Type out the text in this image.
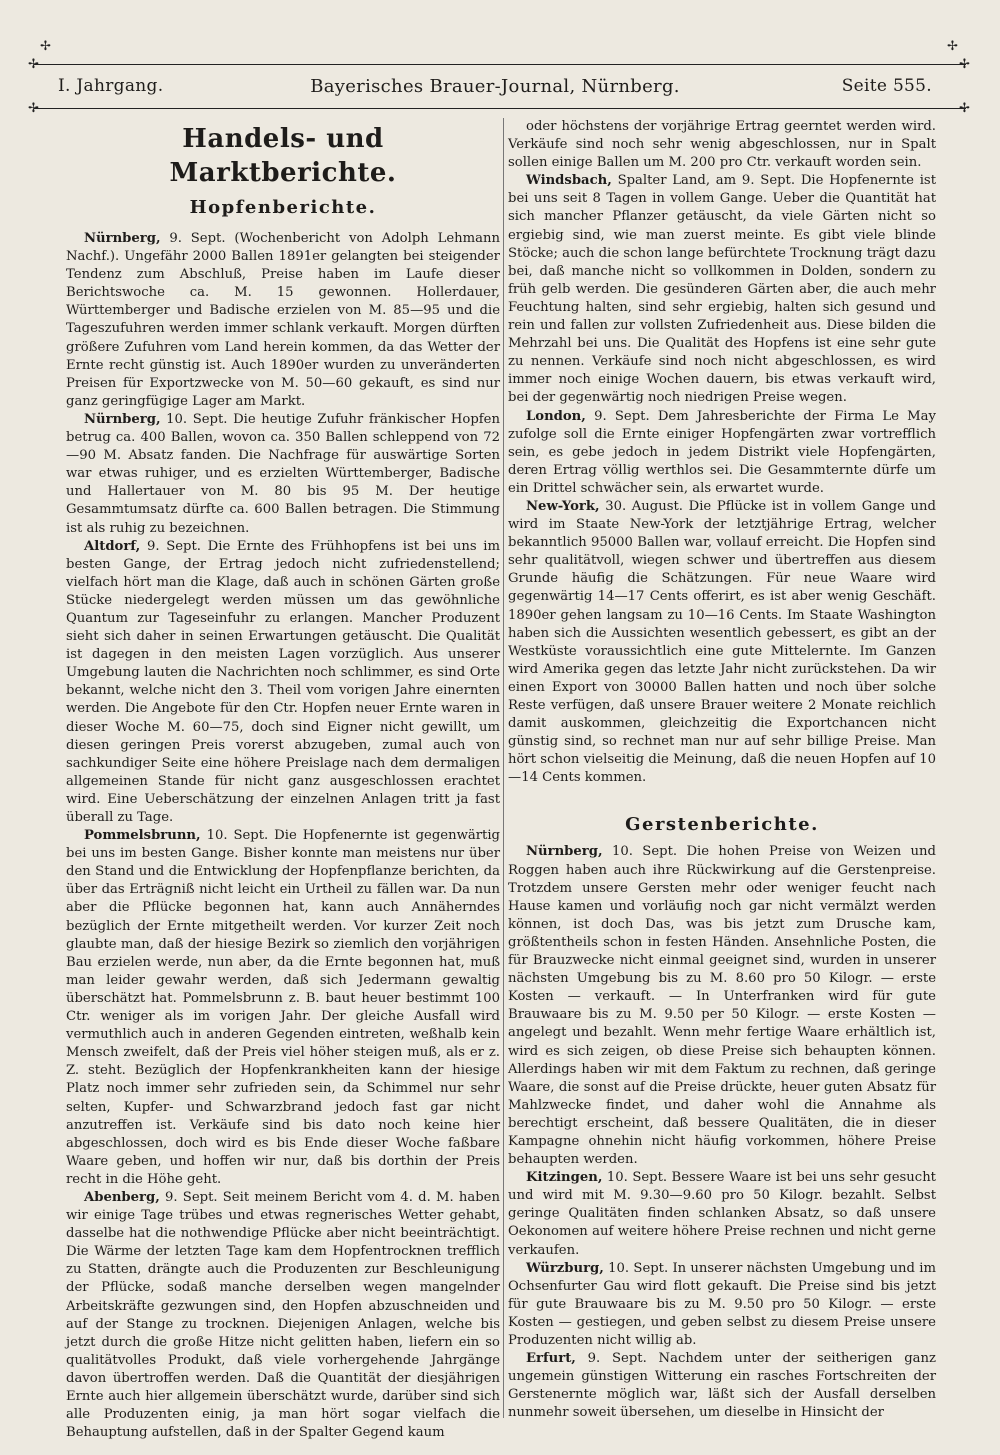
✢	✢
✢	✢
✢	✢
I. Jahrgang.	Bayerisches Brauer-Journal, Nürnberg.	Seite 555.
Handels- und Marktberichte.
Hopfenberichte.

Nürnberg, 9. Sept. (Wochenbericht von Adolph Lehmann Nachf.). Ungefähr 2000 Ballen 1891er gelangten bei steigender Tendenz zum Abschluß, Preise haben im Laufe dieser Berichtswoche ca. M. 15 gewonnen. Hollerdauer, Württemberger und Badische erzielen von M. 85—95 und die Tageszufuhren werden immer schlank verkauft. Morgen dürften größere Zufuhren vom Land herein kommen, da das Wetter der Ernte recht günstig ist. Auch 1890er wurden zu unveränderten Preisen für Exportzwecke von M. 50—60 gekauft, es sind nur ganz geringfügige Lager am Markt.

Nürnberg, 10. Sept. Die heutige Zufuhr fränkischer Hopfen betrug ca. 400 Ballen, wovon ca. 350 Ballen schleppend von 72—90 M. Absatz fanden. Die Nachfrage für auswärtige Sorten war etwas ruhiger, und es erzielten Württemberger, Badische und Hallertauer von M. 80 bis 95 M. Der heutige Gesammtumsatz dürfte ca. 600 Ballen betragen. Die Stimmung ist als ruhig zu bezeichnen.

Altdorf, 9. Sept. Die Ernte des Frühhopfens ist bei uns im besten Gange, der Ertrag jedoch nicht zufriedenstellend; vielfach hört man die Klage, daß auch in schönen Gärten große Stücke niedergelegt werden müssen um das gewöhnliche Quantum zur Tageseinfuhr zu erlangen. Mancher Produzent sieht sich daher in seinen Erwartungen getäuscht. Die Qualität ist dagegen in den meisten Lagen vorzüglich. Aus unserer Umgebung lauten die Nachrichten noch schlimmer, es sind Orte bekannt, welche nicht den 3. Theil vom vorigen Jahre einernten werden. Die Angebote für den Ctr. Hopfen neuer Ernte waren in dieser Woche M. 60—75, doch sind Eigner nicht gewillt, um diesen geringen Preis vorerst abzugeben, zumal auch von sachkundiger Seite eine höhere Preislage nach dem dermaligen allgemeinen Stande für nicht ganz ausgeschlossen erachtet wird. Eine Ueberschätzung der einzelnen Anlagen tritt ja fast überall zu Tage.

Pommelsbrunn, 10. Sept. Die Hopfenernte ist gegenwärtig bei uns im besten Gange. Bisher konnte man meistens nur über den Stand und die Entwicklung der Hopfenpflanze berichten, da über das Erträgniß nicht leicht ein Urtheil zu fällen war. Da nun aber die Pflücke begonnen hat, kann auch Annäherndes bezüglich der Ernte mitgetheilt werden. Vor kurzer Zeit noch glaubte man, daß der hiesige Bezirk so ziemlich den vorjährigen Bau erzielen werde, nun aber, da die Ernte begonnen hat, muß man leider gewahr werden, daß sich Jedermann gewaltig überschätzt hat. Pommelsbrunn z. B. baut heuer bestimmt 100 Ctr. weniger als im vorigen Jahr. Der gleiche Ausfall wird vermuthlich auch in anderen Gegenden eintreten, weßhalb kein Mensch zweifelt, daß der Preis viel höher steigen muß, als er z. Z. steht. Bezüglich der Hopfenkrankheiten kann der hiesige Platz noch immer sehr zufrieden sein, da Schimmel nur sehr selten, Kupfer- und Schwarzbrand jedoch fast gar nicht anzutreffen ist. Verkäufe sind bis dato noch keine hier abgeschlossen, doch wird es bis Ende dieser Woche faßbare Waare geben, und hoffen wir nur, daß bis dorthin der Preis recht in die Höhe geht.

Abenberg, 9. Sept. Seit meinem Bericht vom 4. d. M. haben wir einige Tage trübes und etwas regnerisches Wetter gehabt, dasselbe hat die nothwendige Pflücke aber nicht beeinträchtigt. Die Wärme der letzten Tage kam dem Hopfentrocknen trefflich zu Statten, drängte auch die Produzenten zur Beschleunigung der Pflücke, sodaß manche derselben wegen mangelnder Arbeitskräfte gezwungen sind, den Hopfen abzuschneiden und auf der Stange zu trocknen. Diejenigen Anlagen, welche bis jetzt durch die große Hitze nicht gelitten haben, liefern ein so qualitätvolles Produkt, daß viele vorhergehende Jahrgänge davon übertroffen werden. Daß die Quantität der diesjährigen Ernte auch hier allgemein überschätzt wurde, darüber sind sich alle Produzenten einig, ja man hört sogar vielfach die Behauptung aufstellen, daß in der Spalter Gegend kaum

oder höchstens der vorjährige Ertrag geerntet werden wird. Verkäufe sind noch sehr wenig abgeschlossen, nur in Spalt sollen einige Ballen um M. 200 pro Ctr. verkauft worden sein.

Windsbach, Spalter Land, am 9. Sept. Die Hopfenernte ist bei uns seit 8 Tagen in vollem Gange. Ueber die Quantität hat sich mancher Pflanzer getäuscht, da viele Gärten nicht so ergiebig sind, wie man zuerst meinte. Es gibt viele blinde Stöcke; auch die schon lange befürchtete Trocknung trägt dazu bei, daß manche nicht so vollkommen in Dolden, sondern zu früh gelb werden. Die gesünderen Gärten aber, die auch mehr Feuchtung halten, sind sehr ergiebig, halten sich gesund und rein und fallen zur vollsten Zufriedenheit aus. Diese bilden die Mehrzahl bei uns. Die Qualität des Hopfens ist eine sehr gute zu nennen. Verkäufe sind noch nicht abgeschlossen, es wird immer noch einige Wochen dauern, bis etwas verkauft wird, bei der gegenwärtig noch niedrigen Preise wegen.

London, 9. Sept. Dem Jahresberichte der Firma Le May zufolge soll die Ernte einiger Hopfengärten zwar vortrefflich sein, es gebe jedoch in jedem Distrikt viele Hopfengärten, deren Ertrag völlig werthlos sei. Die Gesammternte dürfe um ein Drittel schwächer sein, als erwartet wurde.

New-York, 30. August. Die Pflücke ist in vollem Gange und wird im Staate New-York der letztjährige Ertrag, welcher bekanntlich 95000 Ballen war, vollauf erreicht. Die Hopfen sind sehr qualitätvoll, wiegen schwer und übertreffen aus diesem Grunde häufig die Schätzungen. Für neue Waare wird gegenwärtig 14—17 Cents offerirt, es ist aber wenig Geschäft. 1890er gehen langsam zu 10—16 Cents. Im Staate Washington haben sich die Aussichten wesentlich gebessert, es gibt an der Westküste voraussichtlich eine gute Mittelernte. Im Ganzen wird Amerika gegen das letzte Jahr nicht zurückstehen. Da wir einen Export von 30000 Ballen hatten und noch über solche Reste verfügen, daß unsere Brauer weitere 2 Monate reichlich damit auskommen, gleichzeitig die Exportchancen nicht günstig sind, so rechnet man nur auf sehr billige Preise. Man hört schon vielseitig die Meinung, daß die neuen Hopfen auf 10—14 Cents kommen.

Gerstenberichte.

Nürnberg, 10. Sept. Die hohen Preise von Weizen und Roggen haben auch ihre Rückwirkung auf die Gerstenpreise. Trotzdem unsere Gersten mehr oder weniger feucht nach Hause kamen und vorläufig noch gar nicht vermälzt werden können, ist doch Das, was bis jetzt zum Drusche kam, größtentheils schon in festen Händen. Ansehnliche Posten, die für Brauzwecke nicht einmal geeignet sind, wurden in unserer nächsten Umgebung bis zu M. 8.60 pro 50 Kilogr. — erste Kosten — verkauft. — In Unterfranken wird für gute Brauwaare bis zu M. 9.50 per 50 Kilogr. — erste Kosten — angelegt und bezahlt. Wenn mehr fertige Waare erhältlich ist, wird es sich zeigen, ob diese Preise sich behaupten können. Allerdings haben wir mit dem Faktum zu rechnen, daß geringe Waare, die sonst auf die Preise drückte, heuer guten Absatz für Mahlzwecke findet, und daher wohl die Annahme als berechtigt erscheint, daß bessere Qualitäten, die in dieser Kampagne ohnehin nicht häufig vorkommen, höhere Preise behaupten werden.

Kitzingen, 10. Sept. Bessere Waare ist bei uns sehr gesucht und wird mit M. 9.30—9.60 pro 50 Kilogr. bezahlt. Selbst geringe Qualitäten finden schlanken Absatz, so daß unsere Oekonomen auf weitere höhere Preise rechnen und nicht gerne verkaufen.

Würzburg, 10. Sept. In unserer nächsten Umgebung und im Ochsenfurter Gau wird flott gekauft. Die Preise sind bis jetzt für gute Brauwaare bis zu M. 9.50 pro 50 Kilogr. — erste Kosten — gestiegen, und geben selbst zu diesem Preise unsere Produzenten nicht willig ab.

Erfurt, 9. Sept. Nachdem unter der seitherigen ganz ungemein günstigen Witterung ein rasches Fortschreiten der Gerstenernte möglich war, läßt sich der Ausfall derselben nunmehr soweit übersehen, um dieselbe in Hinsicht der
